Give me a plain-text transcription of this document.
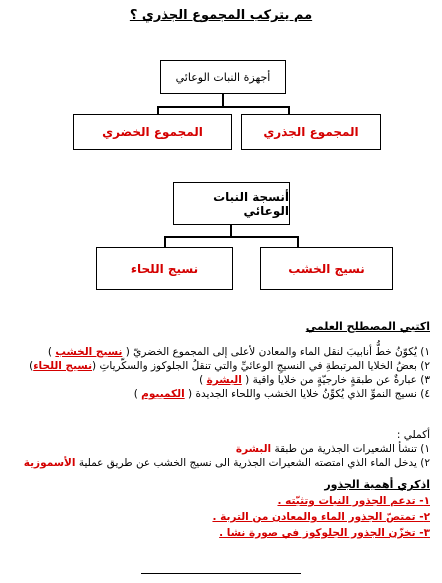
مم يتركب المجموع الجذري ؟
أجهزة النبات الوعائي
المجموع الخضري	المجموع الجذري
أنسجة النبات الوعائي
نسيج اللحاء	نسيج الخشب
اكتبي المصطلح العلمي
١) يُكوّنُ خطُّ أنابيبَ لنقل الماء والمعادن لأعلى إلى المجموع الخضريّ ( نسيج الخشب )
٢) بعضُ الخلايا المرتبطةِ في النسيجِ الوعائيِّ والتي تنقلُ الجلوكوز والسكّرياتِ (نسيج اللحاء)
٣) عبارةٌ عن طبقةٍ خارجيّةٍ من خلايا واقية ( البشرة )
٤) نسيج النموِّ الذي يُكوِّنُ خلايا الخشب واللحاء الجديدة ( الكمبيوم )
أكملي :
١) تنشأ الشعيرات الجذرية من طبقة البشرة
٢) يدخل الماء الذي امتصته الشعيرات الجذرية الى نسيج الخشب عن طريق عملية الأسموزية
اذكري أهمية الجذور
١- تدعم الجذور النبات وتثبّته .
٢- تمتصّ الجذور الماء والمعادن من التربة .
٣- تخزّن الجذور الجلوكوز في صورة نشا .
